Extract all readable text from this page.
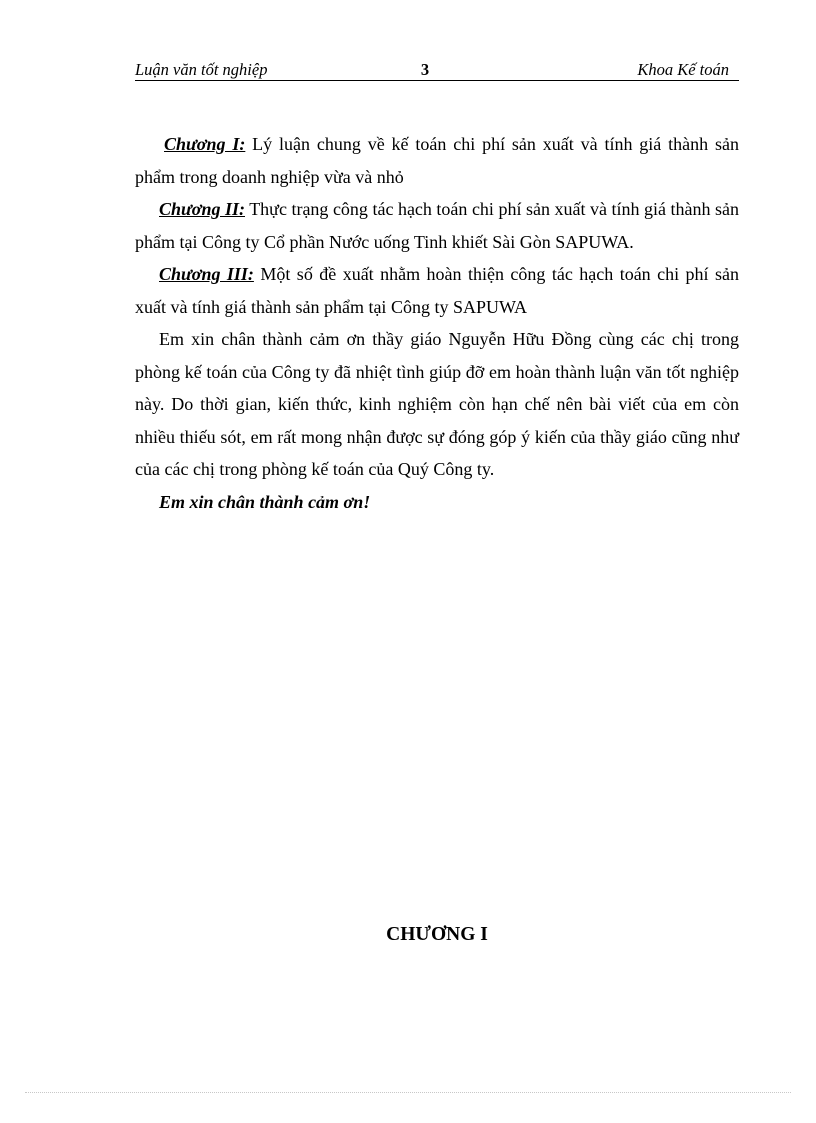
Luận văn tốt nghiệp	3	Khoa Kế toán

Chương I: Lý luận chung về kế toán chi phí sản xuất và tính giá thành sản phẩm trong doanh nghiệp vừa và nhỏ

Chương II: Thực trạng công tác hạch toán chi phí sản xuất và tính giá thành sản phẩm tại Công ty Cổ phần Nước uống Tinh khiết Sài Gòn SAPUWA.

Chương III: Một số đề xuất nhằm hoàn thiện công tác hạch toán chi phí sản xuất và tính giá thành sản phẩm tại Công ty SAPUWA

Em xin chân thành cảm ơn thầy giáo Nguyễn Hữu Đồng cùng các chị trong phòng kế toán của Công ty đã nhiệt tình giúp đỡ em hoàn thành luận văn tốt nghiệp này. Do thời gian, kiến thức, kinh nghiệm còn hạn chế nên bài viết của em còn nhiều thiếu sót, em rất mong nhận được sự đóng góp ý kiến của thầy giáo cũng như của các chị trong phòng kế toán của Quý Công ty.

Em xin chân thành cảm ơn!

CHƯƠNG I
